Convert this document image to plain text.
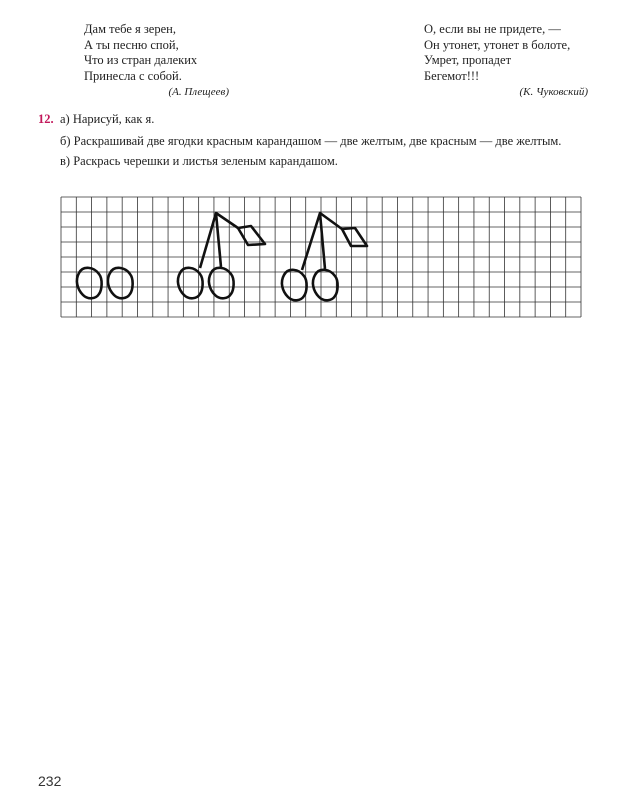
Дам тебе я зерен,
А ты песню спой,
Что из стран далеких
Принесла с собой.
(А. Плещеев)
О, если вы не придете, —
Он утонет, утонет в болоте,
Умрет, пропадет
Бегемот!!!
(К. Чуковский)
12. а) Нарисуй, как я.

б) Раскрашивай две ягодки красным карандашом — две желтым, две красным — две желтым.

в) Раскрась черешки и листья зеленым карандашом.

232
